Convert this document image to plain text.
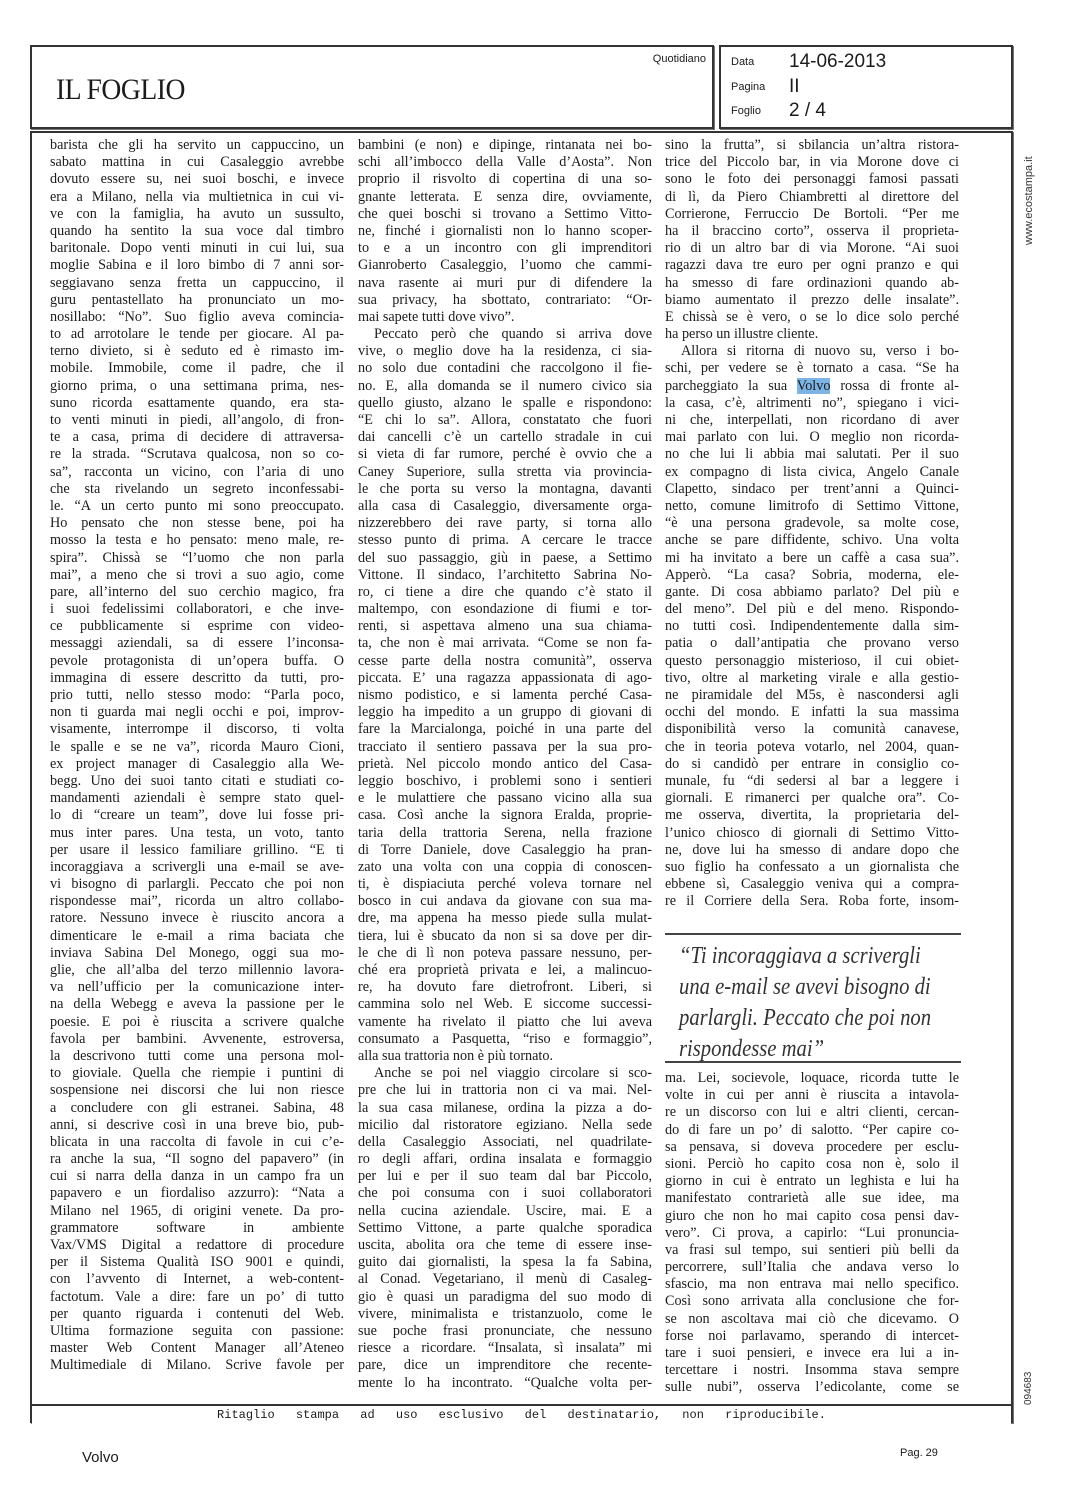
IL FOGLIO
Quotidiano Data 14-06-2013
Pagina II
Foglio 2 / 4
barista che gli ha servito un cappuccino, un
sabato mattina in cui Casaleggio avrebbe
dovuto essere su, nei suoi boschi, e invece
era a Milano, nella via multietnica in cui vi-
ve con la famiglia, ha avuto un sussulto,
quando ha sentito la sua voce dal timbro
baritonale. Dopo venti minuti in cui lui, sua
moglie Sabina e il loro bimbo di 7 anni sor-
seggiavano senza fretta un cappuccino, il
guru pentastellato ha pronunciato un mo-
nosillabo: “No”. Suo figlio aveva comincia-
to ad arrotolare le tende per giocare. Al pa-
terno divieto, si è seduto ed è rimasto im-
mobile. Immobile, come il padre, che il
giorno prima, o una settimana prima, nes-
suno ricorda esattamente quando, era sta-
to venti minuti in piedi, all’angolo, di fron-
te a casa, prima di decidere di attraversa-
re la strada. “Scrutava qualcosa, non so co-
sa”, racconta un vicino, con l’aria di uno
che sta rivelando un segreto inconfessabi-
le. “A un certo punto mi sono preoccupato.
Ho pensato che non stesse bene, poi ha
mosso la testa e ho pensato: meno male, re-
spira”. Chissà se “l’uomo che non parla
mai”, a meno che si trovi a suo agio, come
pare, all’interno del suo cerchio magico, fra
i suoi fedelissimi collaboratori, e che inve-
ce pubblicamente si esprime con video-
messaggi aziendali, sa di essere l’inconsa-
pevole protagonista di un’opera buffa. O
immagina di essere descritto da tutti, pro-
prio tutti, nello stesso modo: “Parla poco,
non ti guarda mai negli occhi e poi, improv-
visamente, interrompe il discorso, ti volta
le spalle e se ne va”, ricorda Mauro Cioni,
ex project manager di Casaleggio alla We-
begg. Uno dei suoi tanto citati e studiati co-
mandamenti aziendali è sempre stato quel-
lo di “creare un team”, dove lui fosse pri-
mus inter pares. Una testa, un voto, tanto
per usare il lessico familiare grillino. “E ti
incoraggiava a scrivergli una e-mail se ave-
vi bisogno di parlargli. Peccato che poi non
rispondesse mai”, ricorda un altro collabo-
ratore. Nessuno invece è riuscito ancora a
dimenticare le e-mail a rima baciata che
inviava Sabina Del Monego, oggi sua mo-
glie, che all’alba del terzo millennio lavora-
va nell’ufficio per la comunicazione inter-
na della Webegg e aveva la passione per le
poesie. E poi è riuscita a scrivere qualche
favola per bambini. Avvenente, estroversa,
la descrivono tutti come una persona mol-
to gioviale. Quella che riempie i puntini di
sospensione nei discorsi che lui non riesce
a concludere con gli estranei. Sabina, 48
anni, si descrive così in una breve bio, pub-
blicata in una raccolta di favole in cui c’e-
ra anche la sua, “Il sogno del papavero” (in
cui si narra della danza in un campo fra un
papavero e un fiordaliso azzurro): “Nata a
Milano nel 1965, di origini venete. Da pro-
grammatore software in ambiente
Vax/VMS Digital a redattore di procedure
per il Sistema Qualità ISO 9001 e quindi,
con l’avvento di Internet, a web-content-
factotum. Vale a dire: fare un po’ di tutto
per quanto riguarda i contenuti del Web.
Ultima formazione seguita con passione:
master Web Content Manager all’Ateneo
Multimediale di Milano. Scrive favole per
bambini (e non) e dipinge, rintanata nei bo-
schi all’imbocco della Valle d’Aosta”. Non
proprio il risvolto di copertina di una so-
gnante letterata. E senza dire, ovviamente,
che quei boschi si trovano a Settimo Vitto-
ne, finché i giornalisti non lo hanno scoper-
to e a un incontro con gli imprenditori
Gianroberto Casaleggio, l’uomo che cammi-
nava rasente ai muri pur di difendere la
sua privacy, ha sbottato, contrariato: “Or-
mai sapete tutti dove vivo”.
Peccato però che quando si arriva dove
vive, o meglio dove ha la residenza, ci sia-
no solo due contadini che raccolgono il fie-
no. E, alla domanda se il numero civico sia
quello giusto, alzano le spalle e rispondono:
“E chi lo sa”. Allora, constatato che fuori
dai cancelli c’è un cartello stradale in cui
si vieta di far rumore, perché è ovvio che a
Caney Superiore, sulla stretta via provincia-
le che porta su verso la montagna, davanti
alla casa di Casaleggio, diversamente orga-
nizzerebbero dei rave party, si torna allo
stesso punto di prima. A cercare le tracce
del suo passaggio, giù in paese, a Settimo
Vittone. Il sindaco, l’architetto Sabrina No-
ro, ci tiene a dire che quando c’è stato il
maltempo, con esondazione di fiumi e tor-
renti, si aspettava almeno una sua chiama-
ta, che non è mai arrivata. “Come se non fa-
cesse parte della nostra comunità”, osserva
piccata. E’ una ragazza appassionata di ago-
nismo podistico, e si lamenta perché Casa-
leggio ha impedito a un gruppo di giovani di
fare la Marcialonga, poiché in una parte del
tracciato il sentiero passava per la sua pro-
prietà. Nel piccolo mondo antico del Casa-
leggio boschivo, i problemi sono i sentieri
e le mulattiere che passano vicino alla sua
casa. Così anche la signora Eralda, proprie-
taria della trattoria Serena, nella frazione
di Torre Daniele, dove Casaleggio ha pran-
zato una volta con una coppia di conoscen-
ti, è dispiaciuta perché voleva tornare nel
bosco in cui andava da giovane con sua ma-
dre, ma appena ha messo piede sulla mulat-
tiera, lui è sbucato da non si sa dove per dir-
le che di lì non poteva passare nessuno, per-
ché era proprietà privata e lei, a malincuo-
re, ha dovuto fare dietrofront. Liberi, si
cammina solo nel Web. E siccome successi-
vamente ha rivelato il piatto che lui aveva
consumato a Pasquetta, “riso e formaggio”,
alla sua trattoria non è più tornato.
Anche se poi nel viaggio circolare si sco-
pre che lui in trattoria non ci va mai. Nel-
la sua casa milanese, ordina la pizza a do-
micilio dal ristoratore egiziano. Nella sede
della Casaleggio Associati, nel quadrilate-
ro degli affari, ordina insalata e formaggio
per lui e per il suo team dal bar Piccolo,
che poi consuma con i suoi collaboratori
nella cucina aziendale. Uscire, mai. E a
Settimo Vittone, a parte qualche sporadica
uscita, abolita ora che teme di essere inse-
guito dai giornalisti, la spesa la fa Sabina,
al Conad. Vegetariano, il menù di Casaleg-
gio è quasi un paradigma del suo modo di
vivere, minimalista e tristanzuolo, come le
sue poche frasi pronunciate, che nessuno
riesce a ricordare. “Insalata, sì insalata” mi
pare, dice un imprenditore che recente-
mente lo ha incontrato. “Qualche volta per-
sino la frutta”, si sbilancia un’altra ristora-
trice del Piccolo bar, in via Morone dove ci
sono le foto dei personaggi famosi passati
di lì, da Piero Chiambretti al direttore del
Corrierone, Ferruccio De Bortoli. “Per me
ha il braccino corto”, osserva il proprieta-
rio di un altro bar di via Morone. “Ai suoi
ragazzi dava tre euro per ogni pranzo e qui
ha smesso di fare ordinazioni quando ab-
biamo aumentato il prezzo delle insalate”.
E chissà se è vero, o se lo dice solo perché
ha perso un illustre cliente.
Allora si ritorna di nuovo su, verso i bo-
schi, per vedere se è tornato a casa. “Se ha
parcheggiato la sua Volvo rossa di fronte al-
la casa, c’è, altrimenti no”, spiegano i vici-
ni che, interpellati, non ricordano di aver
mai parlato con lui. O meglio non ricorda-
no che lui li abbia mai salutati. Per il suo
ex compagno di lista civica, Angelo Canale
Clapetto, sindaco per trent’anni a Quinci-
netto, comune limitrofo di Settimo Vittone,
“è una persona gradevole, sa molte cose,
anche se pare diffidente, schivo. Una volta
mi ha invitato a bere un caffè a casa sua”.
Apperò. “La casa? Sobria, moderna, ele-
gante. Di cosa abbiamo parlato? Del più e
del meno”. Del più e del meno. Rispondo-
no tutti così. Indipendentemente dalla sim-
patia o dall’antipatia che provano verso
questo personaggio misterioso, il cui obiet-
tivo, oltre al marketing virale e alla gestio-
ne piramidale del M5s, è nascondersi agli
occhi del mondo. E infatti la sua massima
disponibilità verso la comunità canavese,
che in teoria poteva votarlo, nel 2004, quan-
do si candidò per entrare in consiglio co-
munale, fu “di sedersi al bar a leggere i
giornali. E rimanerci per qualche ora”. Co-
me osserva, divertita, la proprietaria del-
l’unico chiosco di giornali di Settimo Vitto-
ne, dove lui ha smesso di andare dopo che
suo figlio ha confessato a un giornalista che
ebbene sì, Casaleggio veniva qui a compra-
re il Corriere della Sera. Roba forte, insom-
“Ti incoraggiava a scrivergli
una e-mail se avevi bisogno di
parlargli. Peccato che poi non
rispondesse mai”
ma. Lei, socievole, loquace, ricorda tutte le
volte in cui per anni è riuscita a intavola-
re un discorso con lui e altri clienti, cercan-
do di fare un po’ di salotto. “Per capire co-
sa pensava, si doveva procedere per esclu-
sioni. Perciò ho capito cosa non è, solo il
giorno in cui è entrato un leghista e lui ha
manifestato contrarietà alle sue idee, ma
giuro che non ho mai capito cosa pensi dav-
vero”. Ci prova, a capirlo: “Lui pronuncia-
va frasi sul tempo, sui sentieri più belli da
percorrere, sull’Italia che andava verso lo
sfascio, ma non entrava mai nello specifico.
Così sono arrivata alla conclusione che for-
se non ascoltava mai ciò che dicevamo. O
forse noi parlavamo, sperando di intercet-
tare i suoi pensieri, e invece era lui a in-
tercettare i nostri. Insomma stava sempre
sulle nubi”, osserva l’edicolante, come se
Ritaglio stampa ad uso esclusivo del destinatario, non riproducibile.
www.ecostampa.it
094683
Volvo	Pag. 29
